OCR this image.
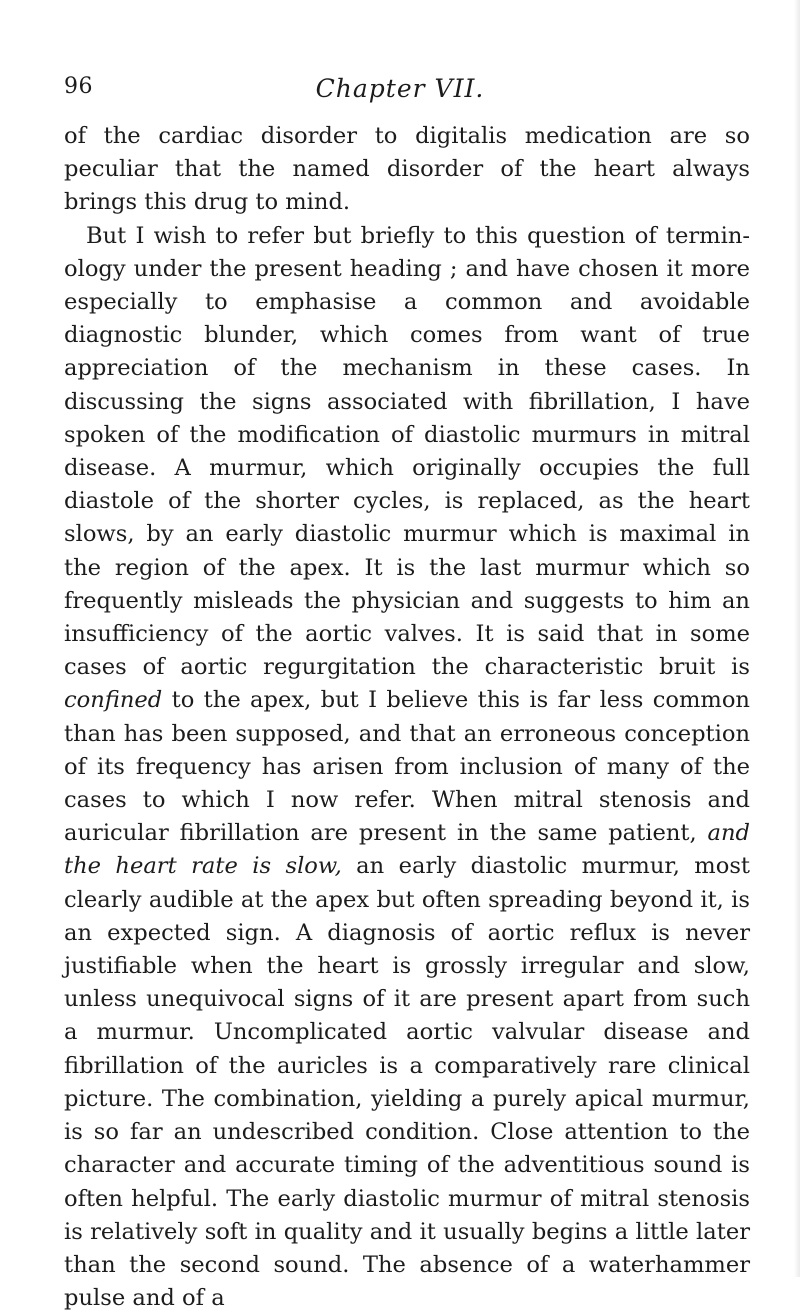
96	Chapter VII.

of the cardiac disorder to digitalis medication are so peculiar that the named disorder of the heart always brings this drug to mind.

But I wish to refer but briefly to this question of termin-ology under the present heading ; and have chosen it more especially to emphasise a common and avoidable diagnostic blunder, which comes from want of true appreciation of the mechanism in these cases. In discussing the signs associated with fibrillation, I have spoken of the modification of diastolic murmurs in mitral disease. A murmur, which originally occupies the full diastole of the shorter cycles, is replaced, as the heart slows, by an early diastolic murmur which is maximal in the region of the apex. It is the last murmur which so frequently misleads the physician and suggests to him an insufficiency of the aortic valves. It is said that in some cases of aortic regurgitation the characteristic bruit is confined to the apex, but I believe this is far less common than has been supposed, and that an erroneous conception of its frequency has arisen from inclusion of many of the cases to which I now refer. When mitral stenosis and auricular fibrillation are present in the same patient, and the heart rate is slow, an early diastolic murmur, most clearly audible at the apex but often spreading beyond it, is an expected sign. A diagnosis of aortic reflux is never justifiable when the heart is grossly irregular and slow, unless unequivocal signs of it are present apart from such a murmur. Uncomplicated aortic valvular disease and fibrillation of the auricles is a comparatively rare clinical picture. The combination, yielding a purely apical murmur, is so far an undescribed condition. Close attention to the character and accurate timing of the adventitious sound is often helpful. The early diastolic murmur of mitral stenosis is relatively soft in quality and it usually begins a little later than the second sound. The absence of a waterhammer pulse and of a
